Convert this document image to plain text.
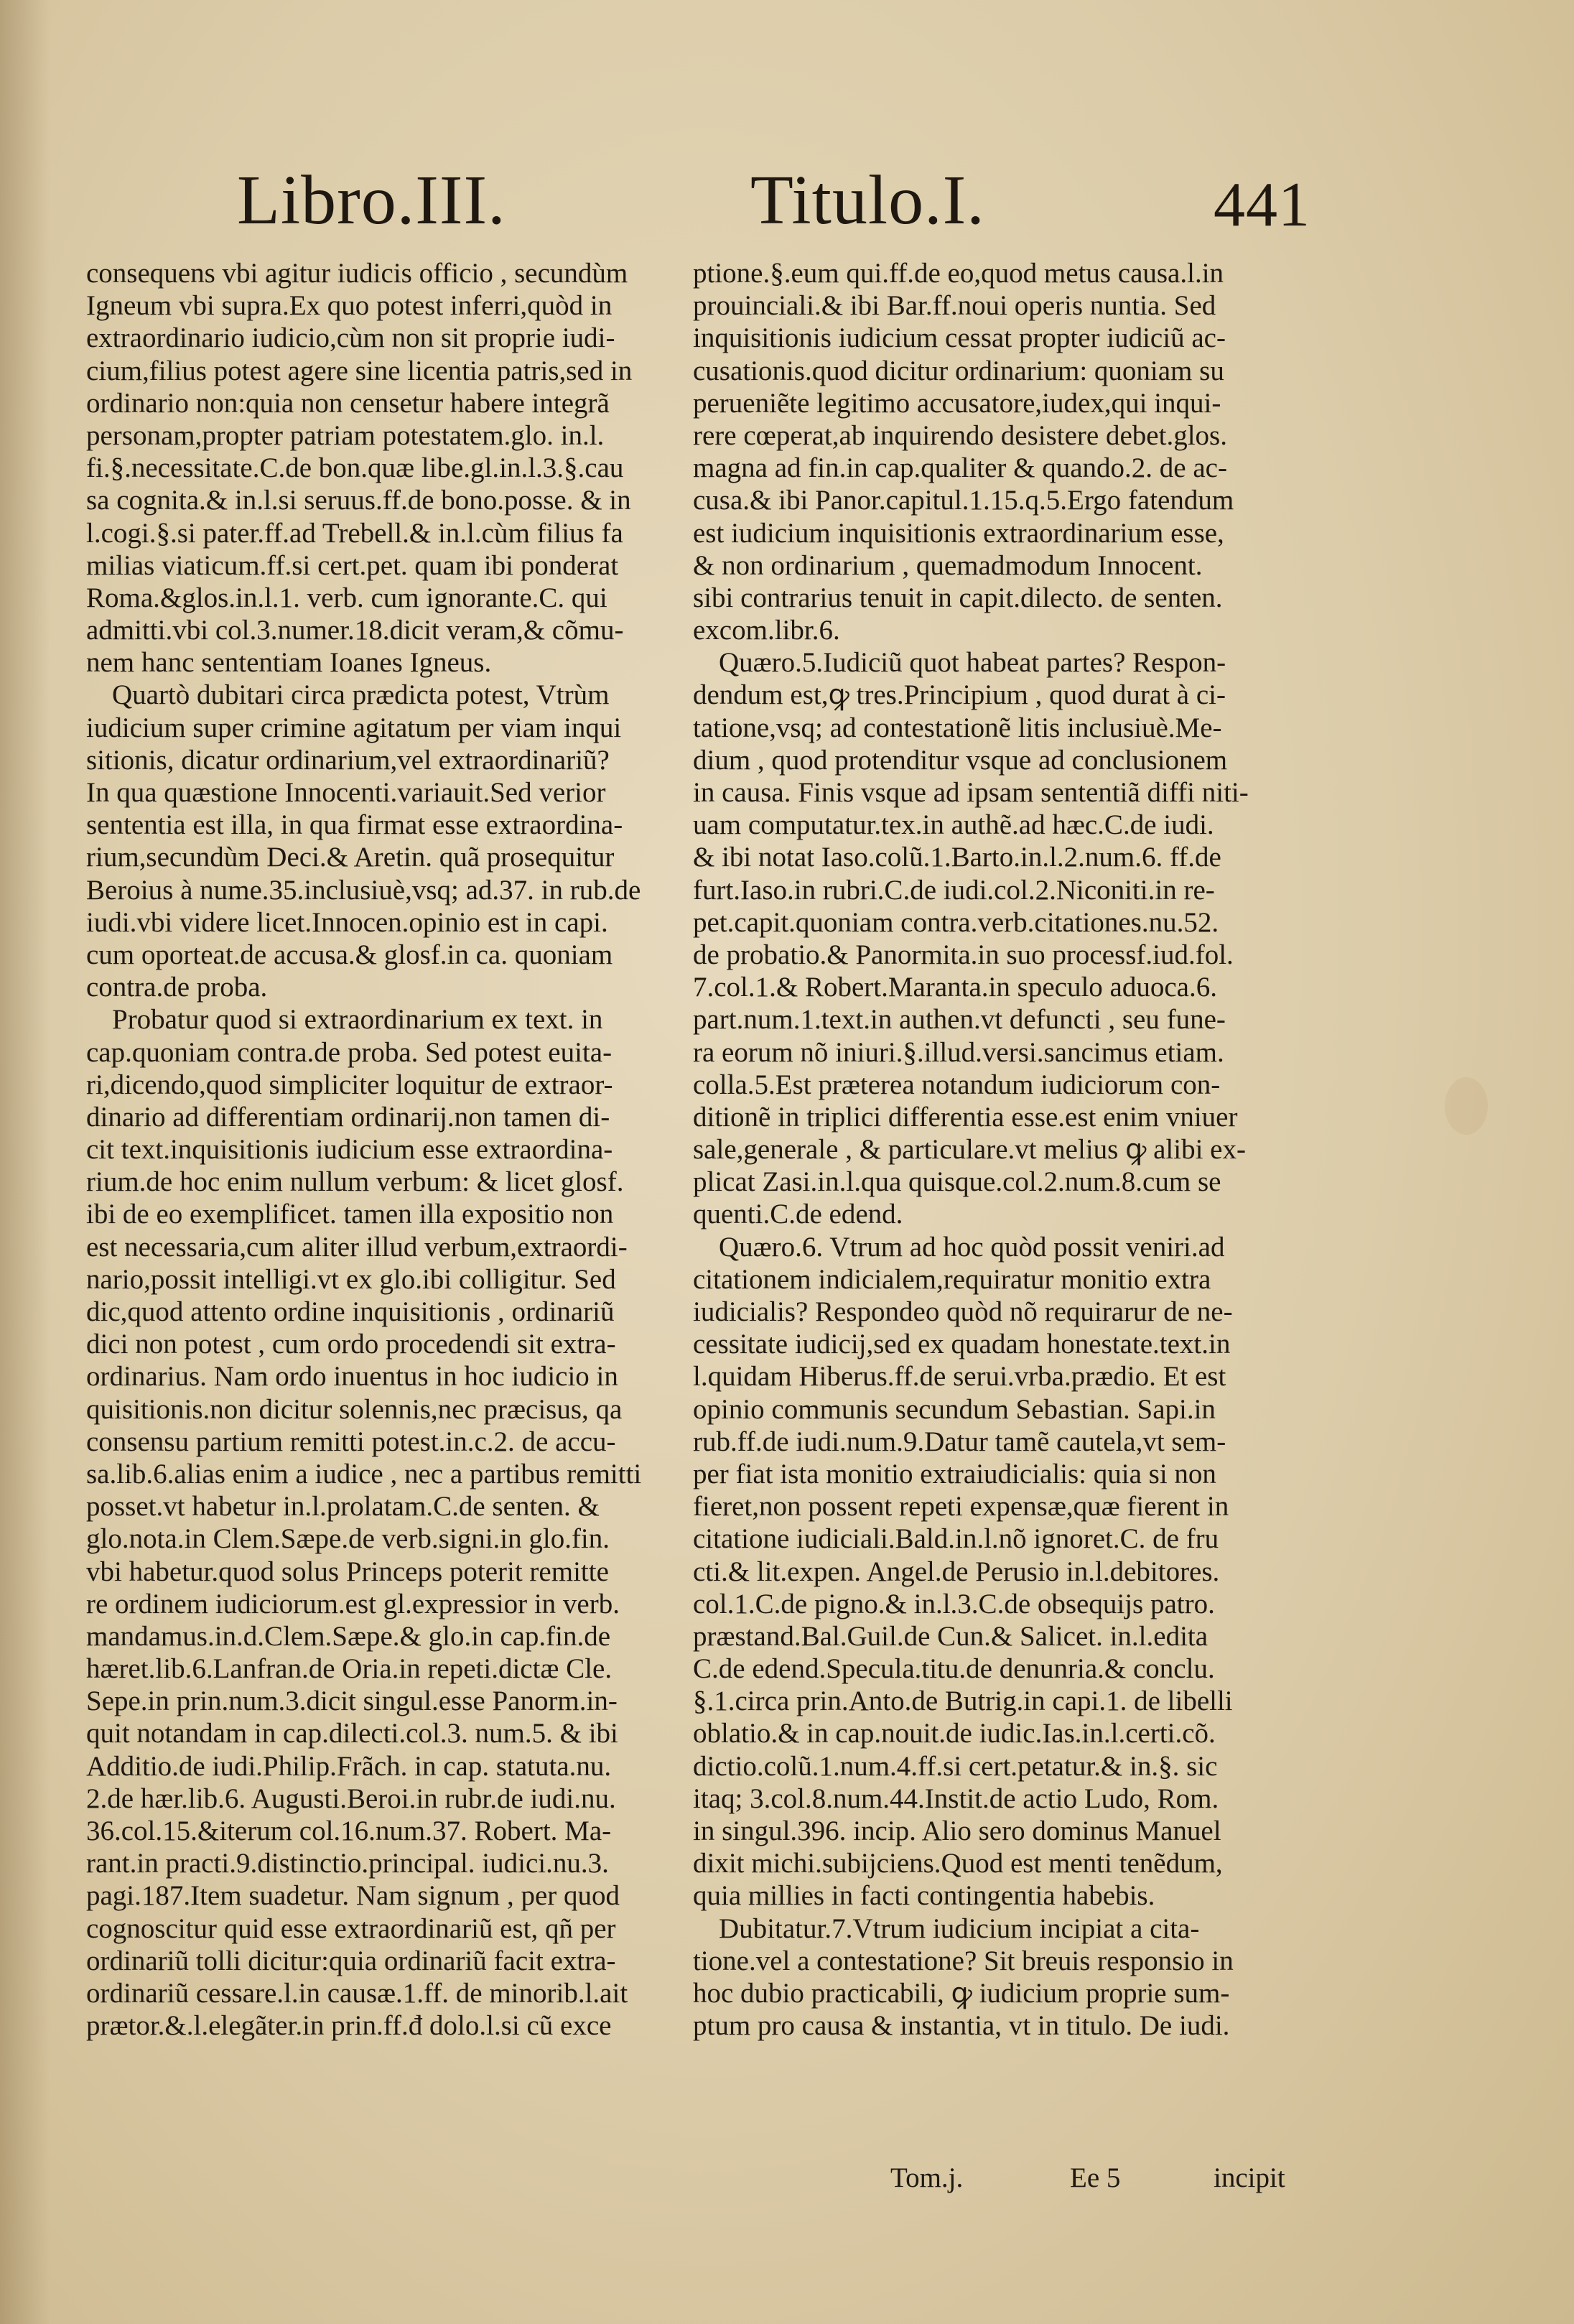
Libro.III.	Titulo.I.	441
consequens vbi agitur iudicis officio , secundùm
Igneum vbi supra.Ex quo potest inferri,quòd in
extraordinario iudicio,cùm non sit proprie iudi-
cium,filius potest agere sine licentia patris,sed in
ordinario non:quia non censetur habere integrã
personam,propter patriam potestatem.glo. in.l.
fi.§.necessitate.C.de bon.quæ libe.gl.in.l.3.§.cau
sa cognita.& in.l.si seruus.ff.de bono.posse. & in
l.cogi.§.si pater.ff.ad Trebell.& in.l.cùm filius fa
milias viaticum.ff.si cert.pet. quam ibi ponderat
Roma.&glos.in.l.1. verb. cum ignorante.C. qui
admitti.vbi col.3.numer.18.dicit veram,& cõmu-
nem hanc sententiam Ioanes Igneus.
Quartò dubitari circa prædicta potest, Vtrùm
iudicium super crimine agitatum per viam inqui
sitionis, dicatur ordinarium,vel extraordinariũ?
In qua quæstione Innocenti.variauit.Sed verior
sententia est illa, in qua firmat esse extraordina-
rium,secundùm Deci.& Aretin. quã prosequitur
Beroius à nume.35.inclusiuè,vsq; ad.37. in rub.de
iudi.vbi videre licet.Innocen.opinio est in capi.
cum oporteat.de accusa.& glosf.in ca. quoniam
contra.de proba.
Probatur quod si extraordinarium ex text. in
cap.quoniam contra.de proba. Sed potest euita-
ri,dicendo,quod simpliciter loquitur de extraor-
dinario ad differentiam ordinarij.non tamen di-
cit text.inquisitionis iudicium esse extraordina-
rium.de hoc enim nullum verbum: & licet glosf.
ibi de eo exemplificet. tamen illa expositio non
est necessaria,cum aliter illud verbum,extraordi-
nario,possit intelligi.vt ex glo.ibi colligitur. Sed
dic,quod attento ordine inquisitionis , ordinariũ
dici non potest , cum ordo procedendi sit extra-
ordinarius. Nam ordo inuentus in hoc iudicio in
quisitionis.non dicitur solennis,nec præcisus, qa
consensu partium remitti potest.in.c.2. de accu-
sa.lib.6.alias enim a iudice , nec a partibus remitti
posset.vt habetur in.l.prolatam.C.de senten. &
glo.nota.in Clem.Sæpe.de verb.signi.in glo.fin.
vbi habetur.quod solus Princeps poterit remitte
re ordinem iudiciorum.est gl.expressior in verb.
mandamus.in.d.Clem.Sæpe.& glo.in cap.fin.de
hæret.lib.6.Lanfran.de Oria.in repeti.dictæ Cle.
Sepe.in prin.num.3.dicit singul.esse Panorm.in-
quit notandam in cap.dilecti.col.3. num.5. & ibi
Additio.de iudi.Philip.Frãch. in cap. statuta.nu.
2.de hær.lib.6. Augusti.Beroi.in rubr.de iudi.nu.
36.col.15.&iterum col.16.num.37. Robert. Ma-
rant.in practi.9.distinctio.principal. iudici.nu.3.
pagi.187.Item suadetur. Nam signum , per quod
cognoscitur quid esse extraordinariũ est, qñ per
ordinariũ tolli dicitur:quia ordinariũ facit extra-
ordinariũ cessare.l.in causæ.1.ff. de minorib.l.ait
prætor.&.l.elegãter.in prin.ff.đ dolo.l.si cũ exce
ptione.§.eum qui.ff.de eo,quod metus causa.l.in
prouinciali.& ibi Bar.ff.noui operis nuntia. Sed
inquisitionis iudicium cessat propter iudiciũ ac-
cusationis.quod dicitur ordinarium: quoniam su
perueniẽte legitimo accusatore,iudex,qui inqui-
rere cœperat,ab inquirendo desistere debet.glos.
magna ad fin.in cap.qualiter & quando.2. de ac-
cusa.& ibi Panor.capitul.1.15.q.5.Ergo fatendum
est iudicium inquisitionis extraordinarium esse,
& non ordinarium , quemadmodum Innocent.
sibi contrarius tenuit in capit.dilecto. de senten.
excom.libr.6.
Quæro.5.Iudiciũ quot habeat partes? Respon-
dendum est,ꝙ tres.Principium , quod durat à ci-
tatione,vsq; ad contestationẽ litis inclusiuè.Me-
dium , quod protenditur vsque ad conclusionem
in causa. Finis vsque ad ipsam sententiã diffi niti-
uam computatur.tex.in authẽ.ad hæc.C.de iudi.
& ibi notat Iaso.colũ.1.Barto.in.l.2.num.6. ff.de
furt.Iaso.in rubri.C.de iudi.col.2.Niconiti.in re-
pet.capit.quoniam contra.verb.citationes.nu.52.
de probatio.& Panormita.in suo processf.iud.fol.
7.col.1.& Robert.Maranta.in speculo aduoca.6.
part.num.1.text.in authen.vt defuncti , seu fune-
ra eorum nõ iniuri.§.illud.versi.sancimus etiam.
colla.5.Est præterea notandum iudiciorum con-
ditionẽ in triplici differentia esse.est enim vniuer
sale,generale , & particulare.vt melius ꝙ alibi ex-
plicat Zasi.in.l.qua quisque.col.2.num.8.cum se
quenti.C.de edend.
Quæro.6. Vtrum ad hoc quòd possit veniri.ad
citationem indicialem,requiratur monitio extra
iudicialis? Respondeo quòd nõ requirarur de ne-
cessitate iudicij,sed ex quadam honestate.text.in
l.quidam Hiberus.ff.de serui.vrba.prædio. Et est
opinio communis secundum Sebastian. Sapi.in
rub.ff.de iudi.num.9.Datur tamẽ cautela,vt sem-
per fiat ista monitio extraiudicialis: quia si non
fieret,non possent repeti expensæ,quæ fierent in
citatione iudiciali.Bald.in.l.nõ ignoret.C. de fru
cti.& lit.expen. Angel.de Perusio in.l.debitores.
col.1.C.de pigno.& in.l.3.C.de obsequijs patro.
præstand.Bal.Guil.de Cun.& Salicet. in.l.edita
C.de edend.Specula.titu.de denunria.& conclu.
§.1.circa prin.Anto.de Butrig.in capi.1. de libelli
oblatio.& in cap.nouit.de iudic.Ias.in.l.certi.cõ.
dictio.colũ.1.num.4.ff.si cert.petatur.& in.§. sic
itaq; 3.col.8.num.44.Instit.de actio Ludo, Rom.
in singul.396. incip. Alio sero dominus Manuel
dixit michi.subijciens.Quod est menti tenẽdum,
quia millies in facti contingentia habebis.
Dubitatur.7.Vtrum iudicium incipiat a cita-
tione.vel a contestatione? Sit breuis responsio in
hoc dubio practicabili, ꝙ iudicium proprie sum-
ptum pro causa & instantia, vt in titulo. De iudi.
Tom.j.	Ee 5	incipit
